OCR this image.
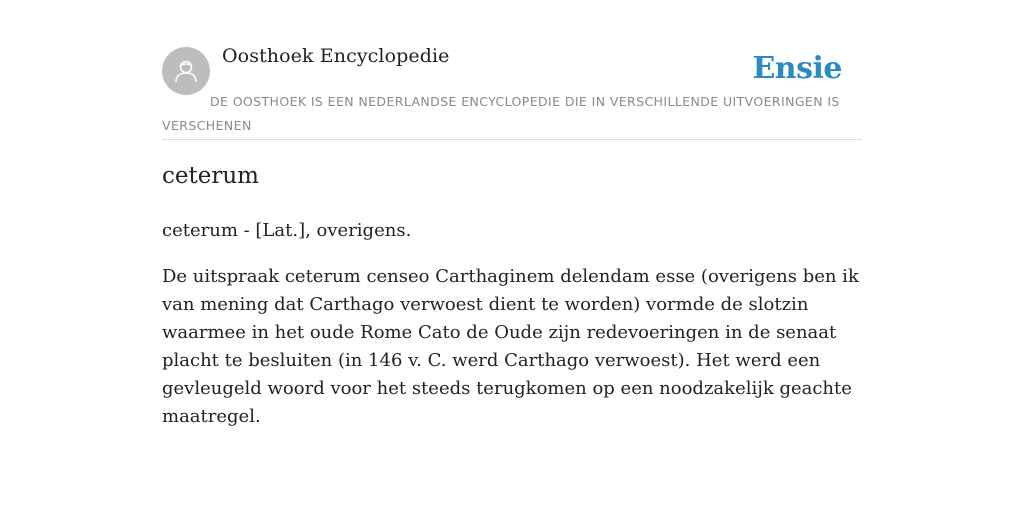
Oosthoek Encyclopedie	Ensie
DE OOSTHOEK IS EEN NEDERLANDSE ENCYCLOPEDIE DIE IN VERSCHILLENDE UITVOERINGEN IS VERSCHENEN
ceterum

ceterum - [Lat.], overigens.

De uitspraak ceterum censeo Carthaginem delendam esse (overigens ben ik van mening dat Carthago verwoest dient te worden) vormde de slotzin waarmee in het oude Rome Cato de Oude zijn redevoeringen in de senaat placht te besluiten (in 146 v. C. werd Carthago verwoest). Het werd een gevleugeld woord voor het steeds terugkomen op een noodzakelijk geachte maatregel.
